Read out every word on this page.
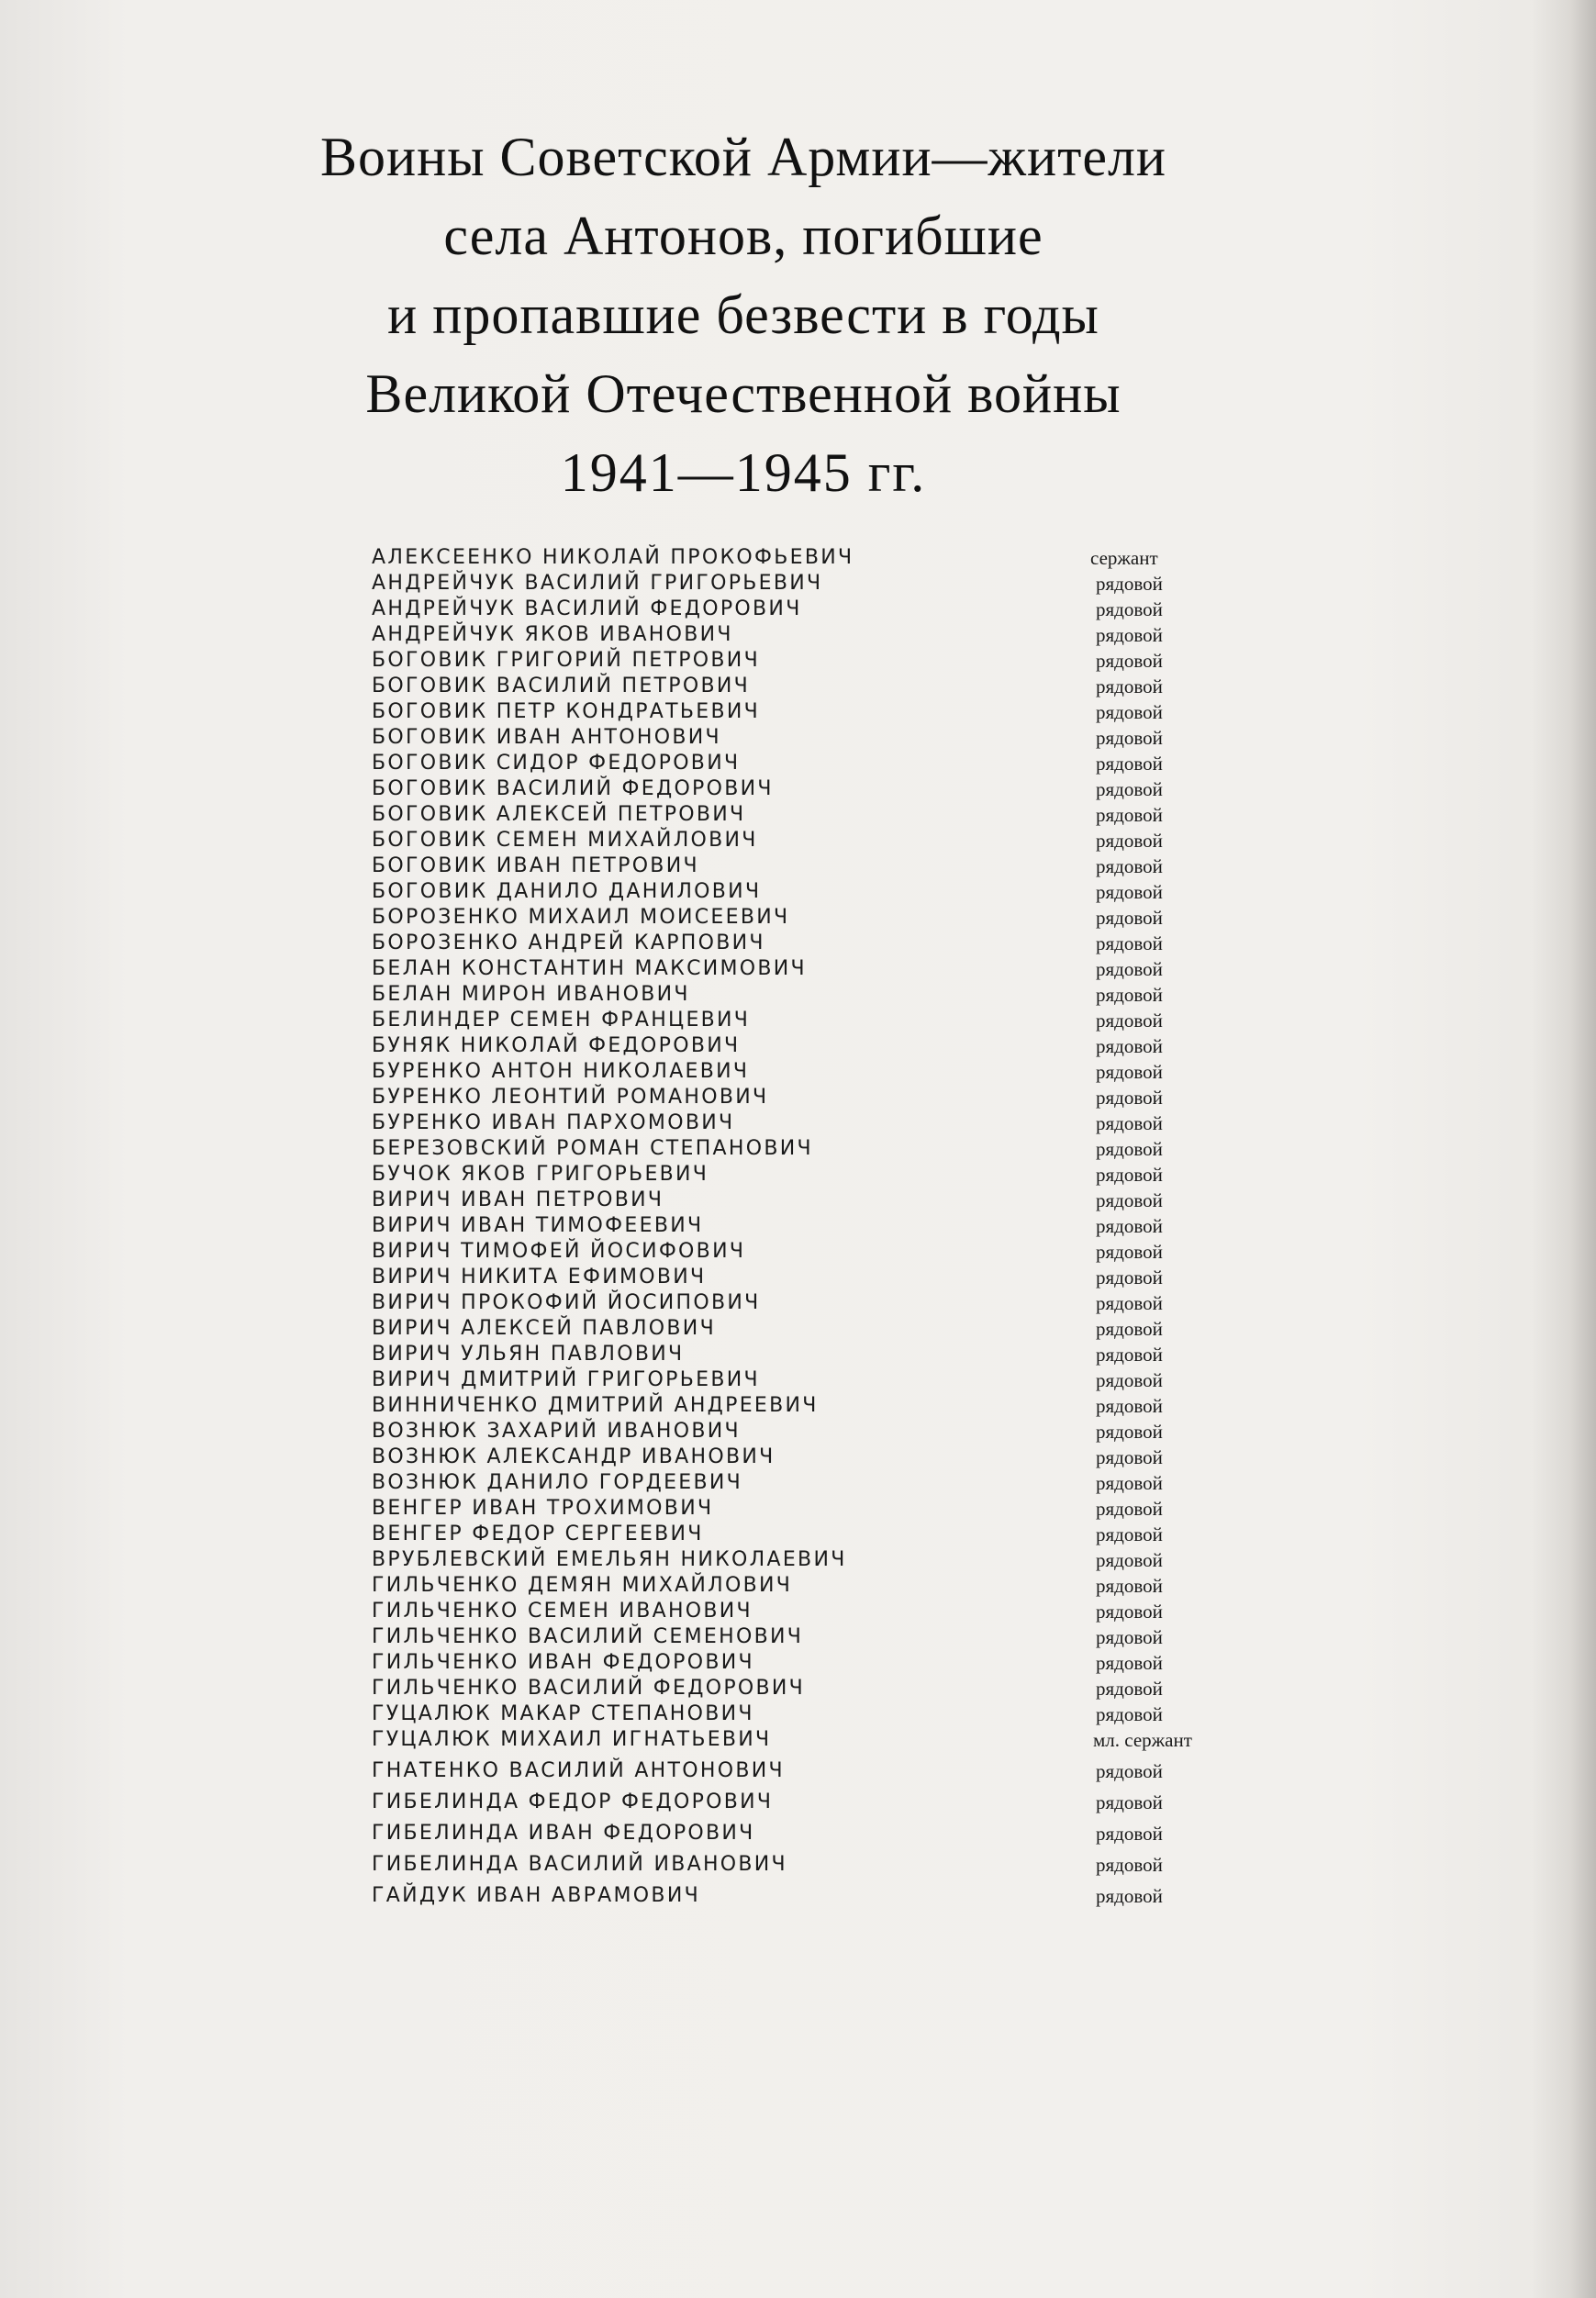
Воины Советской Армии—жители
села Антонов, погибшие
и пропавшие безвести в годы
Великой Отечественной войны
1941—1945 гг.
АЛЕКСЕЕНКО НИКОЛАЙ ПРОКОФЬЕВИЧ	сержант
АНДРЕЙЧУК ВАСИЛИЙ ГРИГОРЬЕВИЧ	рядовой
АНДРЕЙЧУК ВАСИЛИЙ ФЕДОРОВИЧ	рядовой
АНДРЕЙЧУК ЯКОВ ИВАНОВИЧ	рядовой
БОГОВИК ГРИГОРИЙ ПЕТРОВИЧ	рядовой
БОГОВИК ВАСИЛИЙ ПЕТРОВИЧ	рядовой
БОГОВИК ПЕТР КОНДРАТЬЕВИЧ	рядовой
БОГОВИК ИВАН АНТОНОВИЧ	рядовой
БОГОВИК СИДОР ФЕДОРОВИЧ	рядовой
БОГОВИК ВАСИЛИЙ ФЕДОРОВИЧ	рядовой
БОГОВИК АЛЕКСЕЙ ПЕТРОВИЧ	рядовой
БОГОВИК СЕМЕН МИХАЙЛОВИЧ	рядовой
БОГОВИК ИВАН ПЕТРОВИЧ	рядовой
БОГОВИК ДАНИЛО ДАНИЛОВИЧ	рядовой
БОРОЗЕНКО МИХАИЛ МОИСЕЕВИЧ	рядовой
БОРОЗЕНКО АНДРЕЙ КАРПОВИЧ	рядовой
БЕЛАН КОНСТАНТИН МАКСИМОВИЧ	рядовой
БЕЛАН МИРОН ИВАНОВИЧ	рядовой
БЕЛИНДЕР СЕМЕН ФРАНЦЕВИЧ	рядовой
БУНЯК НИКОЛАЙ ФЕДОРОВИЧ	рядовой
БУРЕНКО АНТОН НИКОЛАЕВИЧ	рядовой
БУРЕНКО ЛЕОНТИЙ РОМАНОВИЧ	рядовой
БУРЕНКО ИВАН ПАРХОМОВИЧ	рядовой
БЕРЕЗОВСКИЙ РОМАН СТЕПАНОВИЧ	рядовой
БУЧОК ЯКОВ ГРИГОРЬЕВИЧ	рядовой
ВИРИЧ ИВАН ПЕТРОВИЧ	рядовой
ВИРИЧ ИВАН ТИМОФЕЕВИЧ	рядовой
ВИРИЧ ТИМОФЕЙ ЙОСИФОВИЧ	рядовой
ВИРИЧ НИКИТА ЕФИМОВИЧ	рядовой
ВИРИЧ ПРОКОФИЙ ЙОСИПОВИЧ	рядовой
ВИРИЧ АЛЕКСЕЙ ПАВЛОВИЧ	рядовой
ВИРИЧ УЛЬЯН ПАВЛОВИЧ	рядовой
ВИРИЧ ДМИТРИЙ ГРИГОРЬЕВИЧ	рядовой
ВИННИЧЕНКО ДМИТРИЙ АНДРЕЕВИЧ	рядовой
ВОЗНЮК ЗАХАРИЙ ИВАНОВИЧ	рядовой
ВОЗНЮК АЛЕКСАНДР ИВАНОВИЧ	рядовой
ВОЗНЮК ДАНИЛО ГОРДЕЕВИЧ	рядовой
ВЕНГЕР ИВАН ТРОХИМОВИЧ	рядовой
ВЕНГЕР ФЕДОР СЕРГЕЕВИЧ	рядовой
ВРУБЛЕВСКИЙ ЕМЕЛЬЯН НИКОЛАЕВИЧ	рядовой
ГИЛЬЧЕНКО ДЕМЯН МИХАЙЛОВИЧ	рядовой
ГИЛЬЧЕНКО СЕМЕН ИВАНОВИЧ	рядовой
ГИЛЬЧЕНКО ВАСИЛИЙ СЕМЕНОВИЧ	рядовой
ГИЛЬЧЕНКО ИВАН ФЕДОРОВИЧ	рядовой
ГИЛЬЧЕНКО ВАСИЛИЙ ФЕДОРОВИЧ	рядовой
ГУЦАЛЮК МАКАР СТЕПАНОВИЧ	рядовой
ГУЦАЛЮК МИХАИЛ ИГНАТЬЕВИЧ	мл. сержант
ГНАТЕНКО ВАСИЛИЙ АНТОНОВИЧ	рядовой
ГИБЕЛИНДА ФЕДОР ФЕДОРОВИЧ	рядовой
ГИБЕЛИНДА ИВАН ФЕДОРОВИЧ	рядовой
ГИБЕЛИНДА ВАСИЛИЙ ИВАНОВИЧ	рядовой
ГАЙДУК ИВАН АВРАМОВИЧ	рядовой
